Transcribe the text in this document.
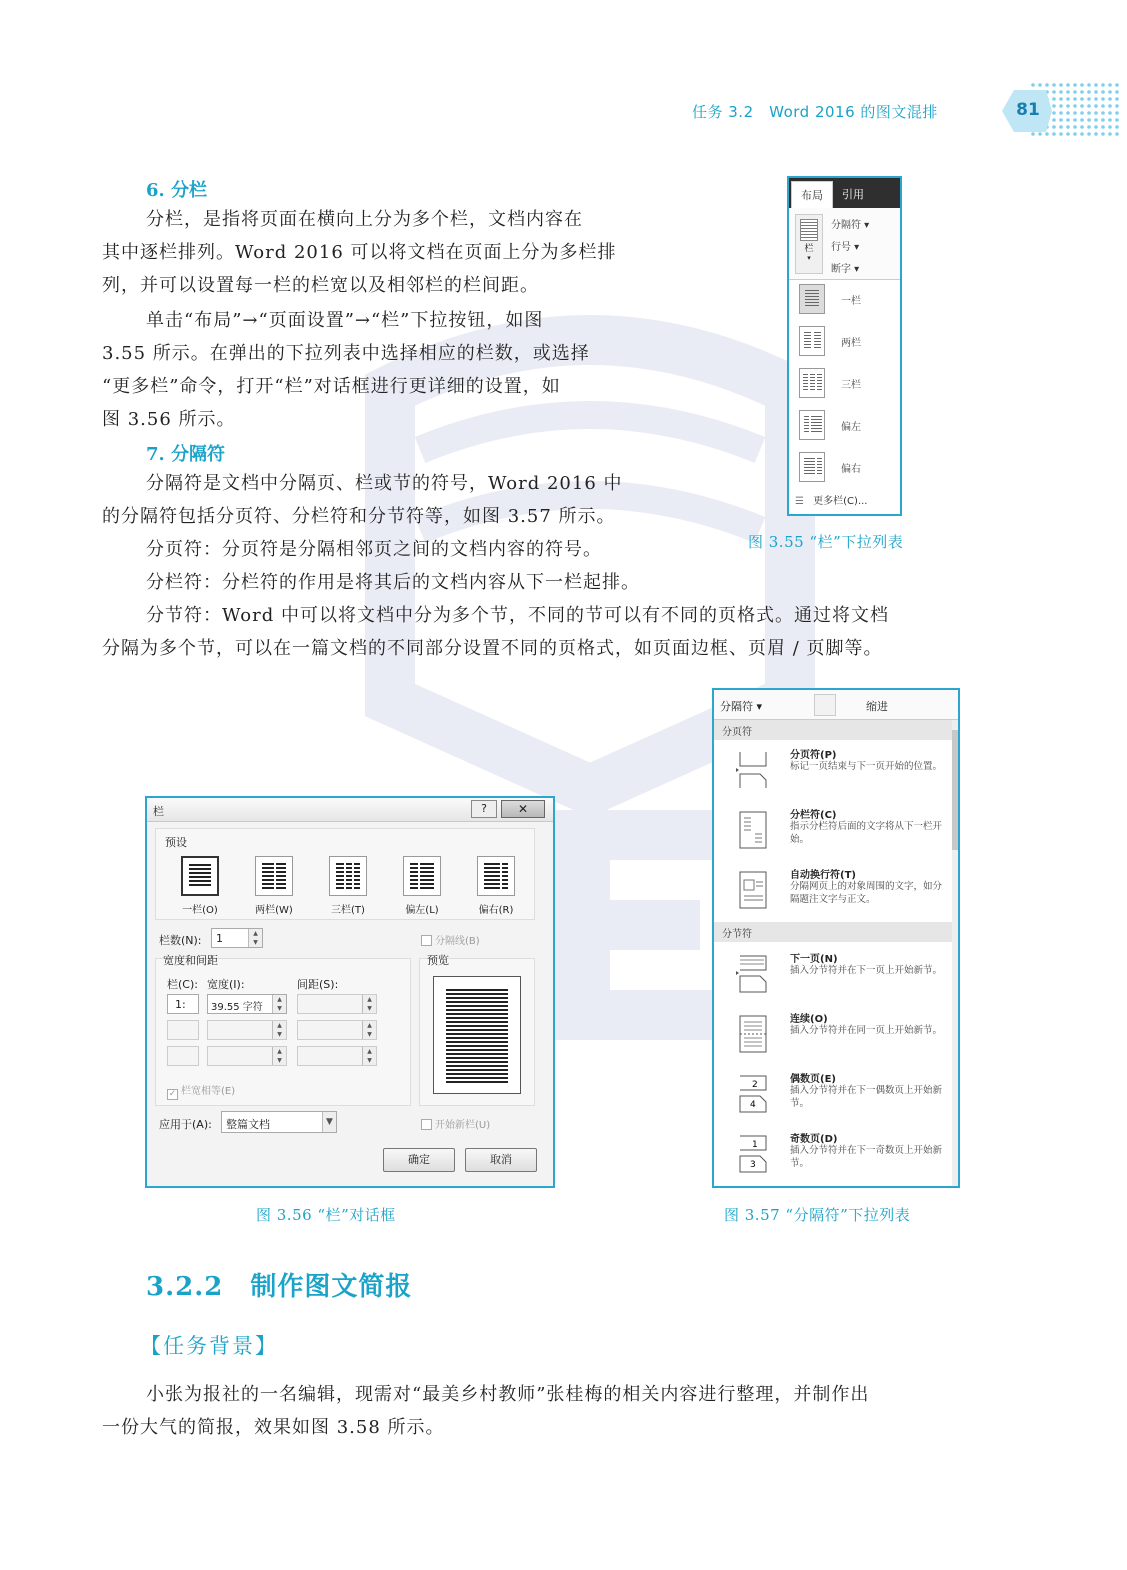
任务 3.2　Word 2016 的图文混排	81
6. 分栏
分栏，是指将页面在横向上分为多个栏，文档内容在
其中逐栏排列。Word 2016 可以将文档在页面上分为多栏排
列，并可以设置每一栏的栏宽以及相邻栏的栏间距。
单击“布局”→“页面设置”→“栏”下拉按钮，如图
3.55 所示。在弹出的下拉列表中选择相应的栏数，或选择
“更多栏”命令，打开“栏”对话框进行更详细的设置，如
图 3.56 所示。
7. 分隔符
分隔符是文档中分隔页、栏或节的符号，Word 2016 中
的分隔符包括分页符、分栏符和分节符等，如图 3.57 所示。
分页符：分页符是分隔相邻页之间的文档内容的符号。
分栏符：分栏符的作用是将其后的文档内容从下一栏起排。
分节符：Word 中可以将文档中分为多个节，不同的节可以有不同的页格式。通过将文档
分隔为多个节，可以在一篇文档的不同部分设置不同的页格式，如页面边框、页眉 / 页脚等。
布局	引用
栏
▾
分隔符 ▾
行号 ▾
断字 ▾
一栏
两栏
三栏
偏左
偏右
☰ 更多栏(C)...
图 3.55 “栏”下拉列表
栏	?	✕
预设
一栏(O)	两栏(W)	三栏(T)	偏左(L)	偏右(R)
栏数(N): 1	▲
▼	分隔线(B)
宽度和间距
栏(C): 宽度(I):	间距(S):
1:	39.55 字符
▲
▼
▲
▼
▲
▼
▲
▼
▲
▼
▲
▼
✓ 栏宽相等(E)
预览
应用于(A): 整篇文档	▼	开始新栏(U)
确定	取消
图 3.56 “栏”对话框
分隔符 ▾	缩进
分页符
分页符(P)
标记一页结束与下一页开始的位置。
分栏符(C)
指示分栏符后面的文字将从下一栏开始。
自动换行符(T)
分隔网页上的对象周围的文字，如分隔题注文字与正文。
分节符
下一页(N)
插入分节符并在下一页上开始新节。
连续(O)
插入分节符并在同一页上开始新节。
2
4
偶数页(E)
插入分节符并在下一偶数页上开始新节。
1
3
奇数页(D)
插入分节符并在下一奇数页上开始新节。
图 3.57 “分隔符”下拉列表
3.2.2　制作图文简报
【任务背景】
小张为报社的一名编辑，现需对“最美乡村教师”张桂梅的相关内容进行整理，并制作出
一份大气的简报，效果如图 3.58 所示。
